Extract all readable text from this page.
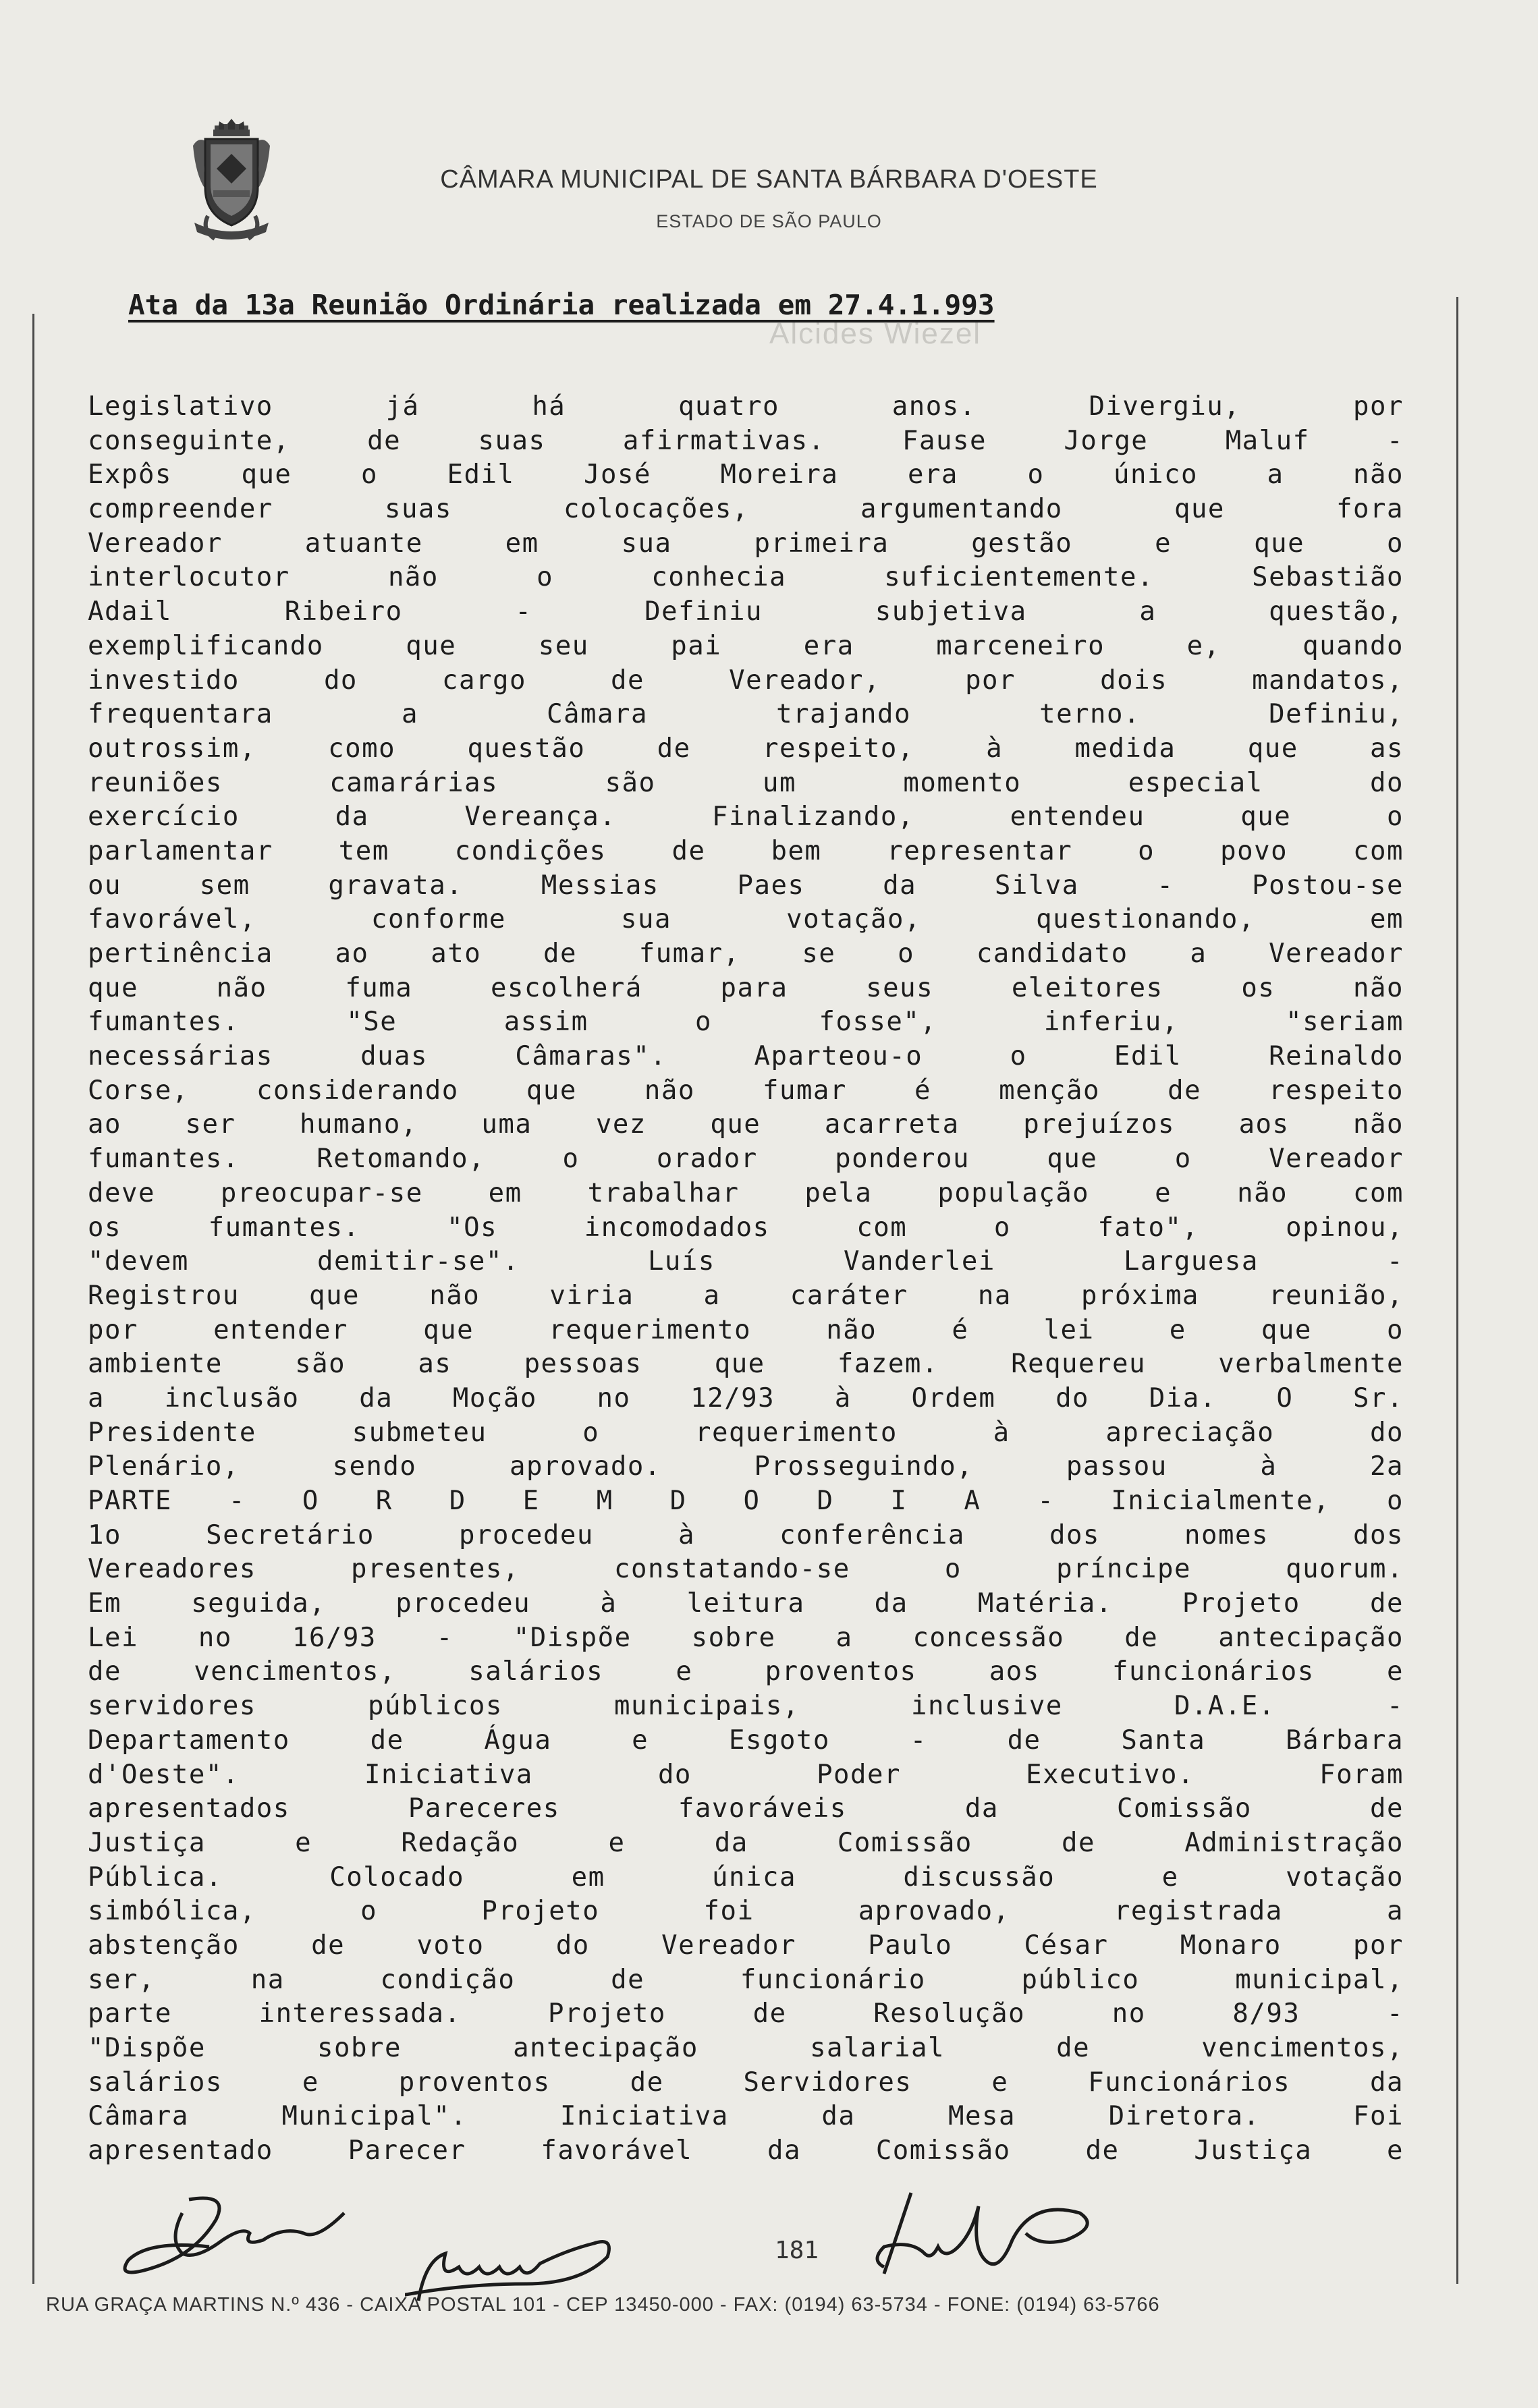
CÂMARA MUNICIPAL DE SANTA BÁRBARA D'OESTE
ESTADO DE SÃO PAULO
Alcides Wiezel
Ata da 13a Reunião Ordinária realizada em 27.4.1.993
Legislativo já há quatro anos. Divergiu, por
conseguinte, de suas afirmativas. Fause Jorge Maluf -
Expôs que o Edil José Moreira era o único a não
compreender suas colocações, argumentando que fora
Vereador atuante em sua primeira gestão e que o
interlocutor não o conhecia suficientemente. Sebastião
Adail Ribeiro - Definiu subjetiva a questão,
exemplificando que seu pai era marceneiro e, quando
investido do cargo de Vereador, por dois mandatos,
frequentara a Câmara trajando terno. Definiu,
outrossim, como questão de respeito, à medida que as
reuniões camarárias são um momento especial do
exercício da Vereança. Finalizando, entendeu que o
parlamentar tem condições de bem representar o povo com
ou sem gravata. Messias Paes da Silva - Postou-se
favorável, conforme sua votação, questionando, em
pertinência ao ato de fumar, se o candidato a Vereador
que não fuma escolherá para seus eleitores os não
fumantes. "Se assim o fosse", inferiu, "seriam
necessárias duas Câmaras". Aparteou-o o Edil Reinaldo
Corse, considerando que não fumar é menção de respeito
ao ser humano, uma vez que acarreta prejuízos aos não
fumantes. Retomando, o orador ponderou que o Vereador
deve preocupar-se em trabalhar pela população e não com
os fumantes. "Os incomodados com o fato", opinou,
"devem demitir-se". Luís Vanderlei Larguesa -
Registrou que não viria a caráter na próxima reunião,
por entender que requerimento não é lei e que o
ambiente são as pessoas que fazem. Requereu verbalmente
a inclusão da Moção no 12/93 à Ordem do Dia. O Sr.
Presidente submeteu o requerimento à apreciação do
Plenário, sendo aprovado. Prosseguindo, passou à 2a
PARTE - O R D E M D O D I A - Inicialmente, o
1o Secretário procedeu à conferência dos nomes dos
Vereadores presentes, constatando-se o príncipe quorum.
Em seguida, procedeu à leitura da Matéria. Projeto de
Lei no 16/93 - "Dispõe sobre a concessão de antecipação
de vencimentos, salários e proventos aos funcionários e
servidores públicos municipais, inclusive D.A.E. -
Departamento de Água e Esgoto - de Santa Bárbara
d'Oeste". Iniciativa do Poder Executivo. Foram
apresentados Pareceres favoráveis da Comissão de
Justiça e Redação e da Comissão de Administração
Pública. Colocado em única discussão e votação
simbólica, o Projeto foi aprovado, registrada a
abstenção de voto do Vereador Paulo César Monaro por
ser, na condição de funcionário público municipal,
parte interessada. Projeto de Resolução no 8/93 -
"Dispõe sobre antecipação salarial de vencimentos,
salários e proventos de Servidores e Funcionários da
Câmara Municipal". Iniciativa da Mesa Diretora. Foi
apresentado Parecer favorável da Comissão de Justiça e
181
RUA GRAÇA MARTINS N.º 436 - CAIXA POSTAL 101 - CEP 13450-000 - FAX: (0194) 63-5734 - FONE: (0194) 63-5766
